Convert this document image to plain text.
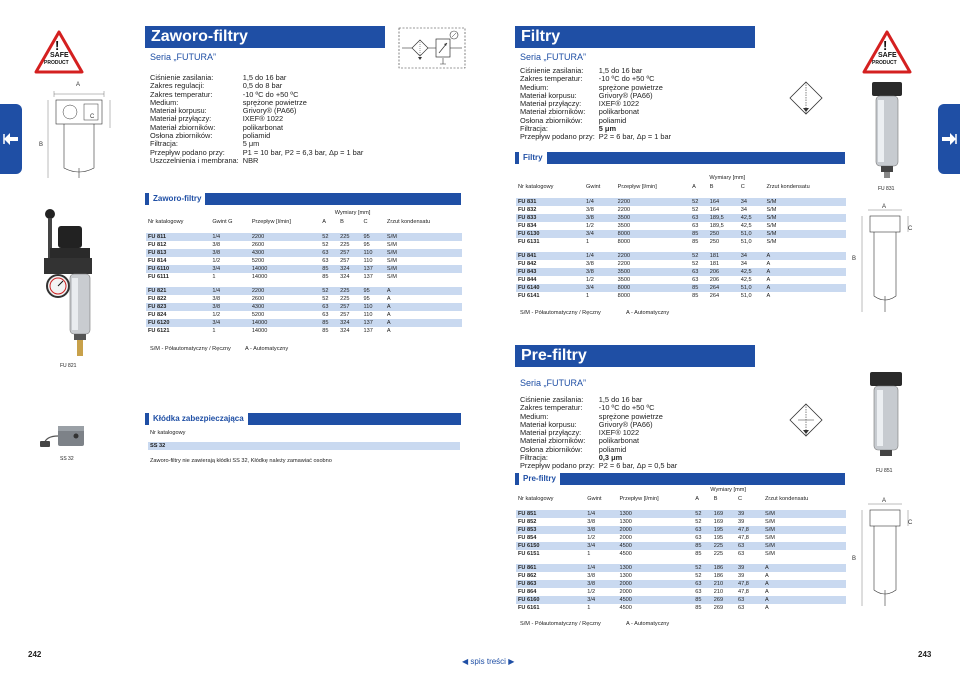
!
SAFE
PRODUCT
!
SAFE
PRODUCT
Zaworo-filtry
Seria „FUTURA”
Ciśnienie zasilania:	1,5 do 16 bar
Zakres regulacji:	0,5 do 8 bar
Zakres temperatur:	-10 ºC do +50 ºC
Medium:	sprężone powietrze
Materiał korpusu:	Grivory® (PA66)
Materiał przyłączy:	IXEF® 1022
Materiał zbiorników:	polikarbonat
Osłona zbiorników:	poliamid
Filtracja:	5 μm
Przepływ podano przy:	P1 = 10 bar, P2 = 6,3 bar, Δp = 1 bar
Uszczelnienia i membrana:	NBR
A
B
C
FU 821
Zaworo-filtry
			Wymiary [mm]			
Nr katalogowy	Gwint G	Przepływ [l/min]	A	B	C	Zrzut kondensatu

FU 811	1/4	2200	52	225	95	S/M
FU 812	3/8	2600	52	225	95	S/M
FU 813	3/8	4300	63	257	110	S/M
FU 814	1/2	5200	63	257	110	S/M
FU 6110	3/4	14000	85	324	137	S/M
FU 6111	1	14000	85	324	137	S/M

FU 821	1/4	2200	52	225	95	A
FU 822	3/8	2600	52	225	95	A
FU 823	3/8	4300	63	257	110	A
FU 824	1/2	5200	63	257	110	A
FU 6120	3/4	14000	85	324	137	A
FU 6121	1	14000	85	324	137	A
S/M - Półautomatyczny / Ręczny	A - Automatyczny
Kłódka zabezpieczająca
Nr katalogowy
SS 32
Zaworo-filtry nie zawierają kłódki SS 32, Kłódkę należy zamawiać osobno
SS 32
242
◀ spis treści ▶
Filtry
Seria „FUTURA”
Ciśnienie zasilania:	1,5 do 16 bar
Zakres temperatur:	-10 ºC do +50 ºC
Medium:	sprężone powietrze
Materiał korpusu:	Grivory® (PA66)
Materiał przyłączy:	IXEF® 1022
Materiał zbiorników:	polikarbonat
Osłona zbiorników:	poliamid
Filtracja:	5 μm
Przepływ podano przy:	P2 = 6 bar, Δp = 1 bar
FU 831
Filtry
			Wymiary [mm]			
Nr katalogowy	Gwint	Przepływ [l/min]	A	B	C	Zrzut kondensatu

FU 831	1/4	2200	52	164	34	S/M
FU 832	3/8	2200	52	164	34	S/M
FU 833	3/8	3500	63	189,5	42,5	S/M
FU 834	1/2	3500	63	189,5	42,5	S/M
FU 6130	3/4	8000	85	250	51,0	S/M
FU 6131	1	8000	85	250	51,0	S/M

FU 841	1/4	2200	52	181	34	A
FU 842	3/8	2200	52	181	34	A
FU 843	3/8	3500	63	206	42,5	A
FU 844	1/2	3500	63	206	42,5	A
FU 6140	3/4	8000	85	264	51,0	A
FU 6141	1	8000	85	264	51,0	A
S/M - Półautomatyczny / Ręczny	A - Automatyczny
A
B
C
Pre-filtry
Seria „FUTURA”
Ciśnienie zasilania:	1,5 do 16 bar
Zakres temperatur:	-10 ºC do +50 ºC
Medium:	sprężone powietrze
Materiał korpusu:	Grivory® (PA66)
Materiał przyłączy:	IXEF® 1022
Materiał zbiorników:	polikarbonat
Osłona zbiorników:	poliamid
Filtracja:	0,3 μm
Przepływ podano przy:	P2 = 6 bar, Δp = 0,5 bar
FU 851
Pre-filtry
			Wymiary [mm]			
Nr katalogowy	Gwint	Przepływ [l/min]	A	B	C	Zrzut kondensatu

FU 851	1/4	1300	52	169	39	S/M
FU 852	3/8	1300	52	169	39	S/M
FU 853	3/8	2000	63	195	47,8	S/M
FU 854	1/2	2000	63	195	47,8	S/M
FU 6150	3/4	4500	85	225	63	S/M
FU 6151	1	4500	85	225	63	S/M

FU 861	1/4	1300	52	186	39	A
FU 862	3/8	1300	52	186	39	A
FU 863	3/8	2000	63	210	47,8	A
FU 864	1/2	2000	63	210	47,8	A
FU 6160	3/4	4500	85	269	63	A
FU 6161	1	4500	85	269	63	A
S/M - Półautomatyczny / Ręczny	A - Automatyczny
A
B
C
243
